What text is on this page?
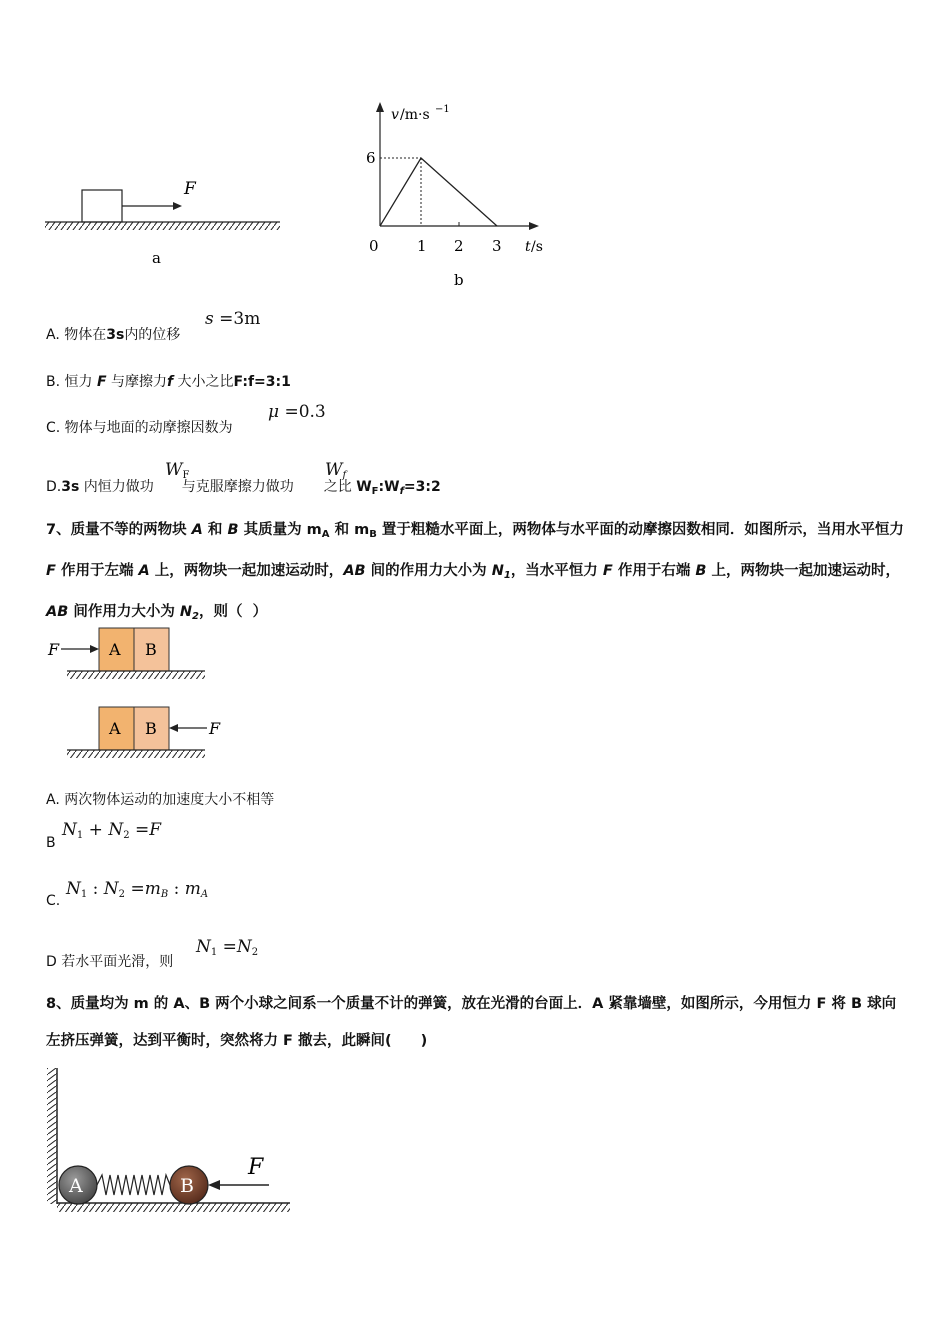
F
a
v /m·s −1
6
0	1 2 3 t /s
b
A. 物体在3s内的位移
s =3m
B. 恒力 F 与摩擦力f 大小之比F:f=3:1
C. 物体与地面的动摩擦因数为
μ =0.3
D.3s 内恒力做功 与克服摩擦力做功 之比 $W_F:W_f=3:2$
$W_F$	$W_f$
7、质量不等的两物块 A 和 B 其质量为 $m_A$ 和 $m_B$ 置于粗糙水平面上，两物体与水平面的动摩擦因数相同．如图所示，当用水平恒力 F 作用于左端 A 上，两物块一起加速运动时，AB 间的作用力大小为 $N_1$，当水平恒力 F 作用于右端 B 上，两物块一起加速运动时，AB 间作用力大小为 $N_2$，则（  ）
F	A B
A B	F
A. 两次物体运动的加速度大小不相等
B
$N_1 + N_2 =F$
C.
$N_1$ : $N_2 =m_B$ : $m_A$
D 若水平面光滑，则
$N_1 =N_2$
8、质量均为 m 的 A、B 两个小球之间系一个质量不计的弹簧，放在光滑的台面上．A 紧靠墙壁，如图所示，今用恒力 F 将 B 球向左挤压弹簧，达到平衡时，突然将力 F 撤去，此瞬间(　　)
A	B
F
